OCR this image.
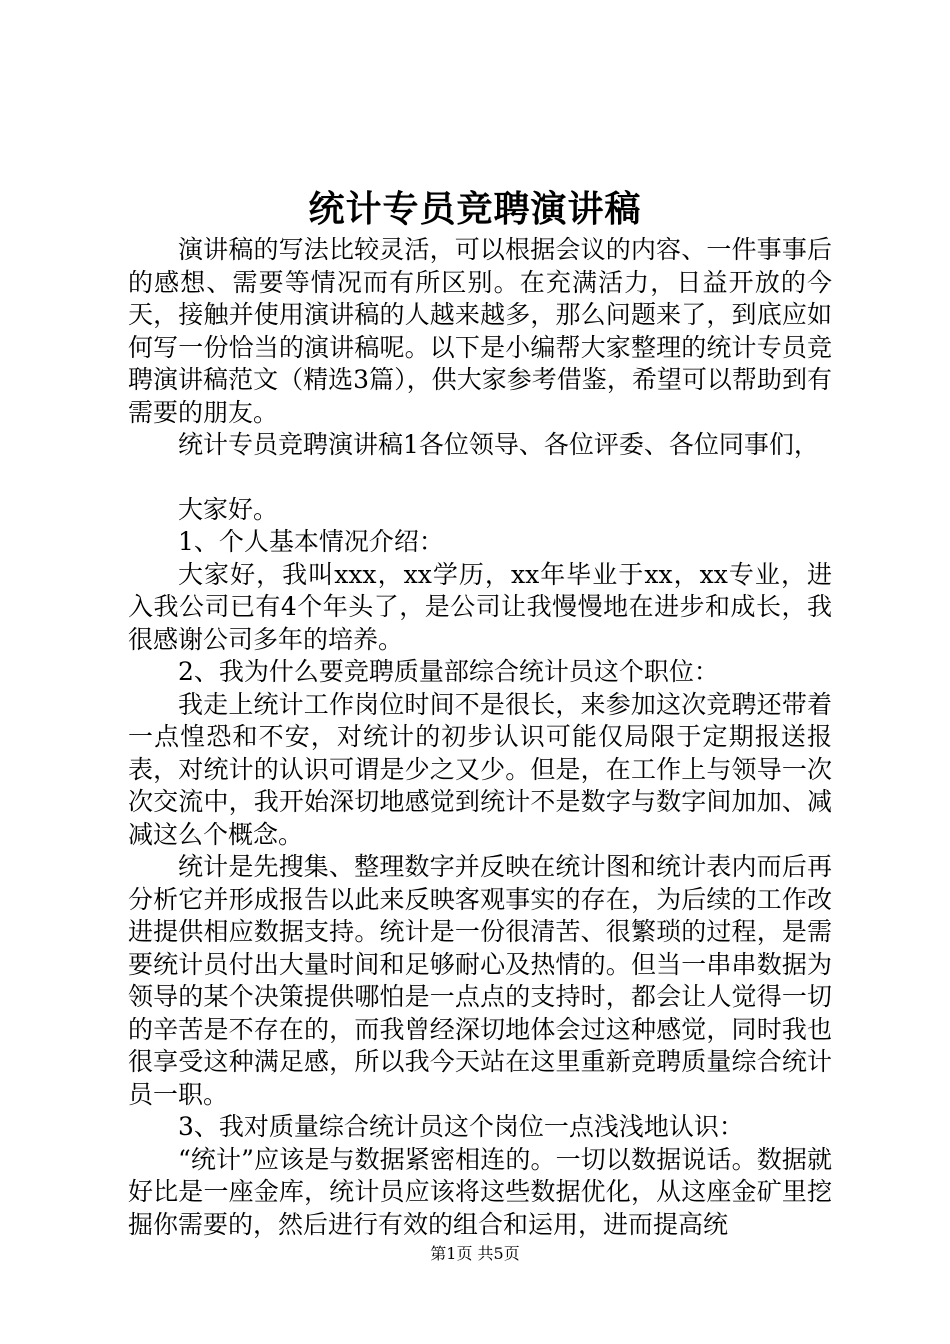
统计专员竞聘演讲稿

演讲稿的写法比较灵活，可以根据会议的内容、一件事事后的感想、需要等情况而有所区别。在充满活力，日益开放的今天，接触并使用演讲稿的人越来越多，那么问题来了，到底应如何写一份恰当的演讲稿呢。以下是小编帮大家整理的统计专员竞聘演讲稿范文（精选3篇），供大家参考借鉴，希望可以帮助到有需要的朋友。

统计专员竞聘演讲稿1各位领导、各位评委、各位同事们，

大家好。

1、个人基本情况介绍：

大家好，我叫xxx，xx学历，xx年毕业于xx，xx专业，进入我公司已有4个年头了，是公司让我慢慢地在进步和成长，我很感谢公司多年的培养。

2、我为什么要竞聘质量部综合统计员这个职位：

我走上统计工作岗位时间不是很长，来参加这次竞聘还带着一点惶恐和不安，对统计的初步认识可能仅局限于定期报送报表，对统计的认识可谓是少之又少。但是，在工作上与领导一次次交流中，我开始深切地感觉到统计不是数字与数字间加加、减减这么个概念。

统计是先搜集、整理数字并反映在统计图和统计表内而后再分析它并形成报告以此来反映客观事实的存在，为后续的工作改进提供相应数据支持。统计是一份很清苦、很繁琐的过程，是需要统计员付出大量时间和足够耐心及热情的。但当一串串数据为领导的某个决策提供哪怕是一点点的支持时，都会让人觉得一切的辛苦是不存在的，而我曾经深切地体会过这种感觉，同时我也很享受这种满足感，所以我今天站在这里重新竞聘质量综合统计员一职。

3、我对质量综合统计员这个岗位一点浅浅地认识：

“统计”应该是与数据紧密相连的。一切以数据说话。数据就好比是一座金库，统计员应该将这些数据优化，从这座金矿里挖掘你需要的，然后进行有效的组合和运用，进而提高统

第1页 共5页
